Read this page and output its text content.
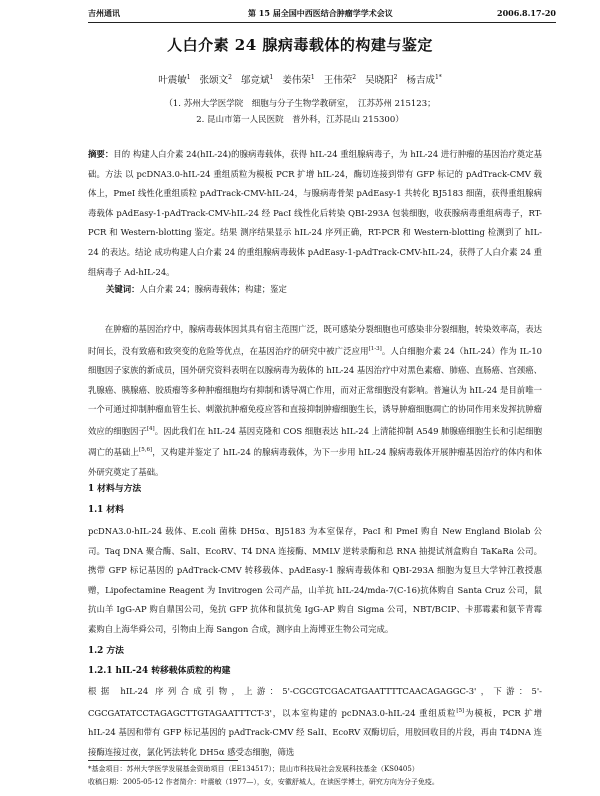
吉州通讯	第 15 届全国中西医结合肿瘤学学术会议	2006.8.17-20
人白介素 24 腺病毒载体的构建与鉴定
叶震敏$^1$ 张颂文$^2$ 邬竞斌$^1$ 姜伟荣$^1$ 王伟荣$^2$ 吴晓阳$^2$ 杨吉成$^{1*}$
（1. 苏州大学医学院　细胞与分子生物学教研室，　江苏苏州 215123；
2. 昆山市第一人民医院　普外科，江苏昆山 215300）

摘要：目的 构建人白介素 24(hIL-24)的腺病毒载体，获得 hIL-24 重组腺病毒子，为 hIL-24 进行肿瘤的基因治疗奠定基础。方法 以 pcDNA3.0-hIL-24 重组质粒为模板 PCR 扩增 hIL-24，酶切连接到带有 GFP 标记的 pAdTrack-CMV 载体上，PmeI 线性化重组质粒 pAdTrack-CMV-hIL-24，与腺病毒骨架 pAdEasy-1 共转化 BJ5183 细菌，获得重组腺病毒载体 pAdEasy-1-pAdTrack-CMV-hIL-24 经 PacI 线性化后转染 QBI-293A 包装细胞，收获腺病毒重组病毒子，RT-PCR 和 Western-blotting 鉴定。结果 测序结果显示 hIL-24 序列正确，RT-PCR 和 Western-blotting 检测到了 hIL-24 的表达。结论 成功构建人白介素 24 的重组腺病毒载体 pAdEasy-1-pAdTrack-CMV-hIL-24，获得了人白介素 24 重组病毒子 Ad-hIL-24。

关键词：人白介素 24；腺病毒载体；构建；鉴定

在肿瘤的基因治疗中，腺病毒载体因其具有宿主范围广泛，既可感染分裂细胞也可感染非分裂细胞，转染效率高，表达时间长，没有致癌和致突变的危险等优点，在基因治疗的研究中被广泛应用[1-3]。人白细胞介素 24（hIL-24）作为 IL-10 细胞因子家族的新成员，国外研究资料表明在以腺病毒为载体的 hIL-24 基因治疗中对黑色素瘤、肺癌、直肠癌、宫颈癌、乳腺癌、胰腺癌、胶质瘤等多种肿瘤细胞均有抑制和诱导凋亡作用，而对正常细胞没有影响。普遍认为 hIL-24 是目前唯一一个可通过抑制肿瘤血管生长、刺激抗肿瘤免疫应答和直接抑制肿瘤细胞生长，诱导肿瘤细胞凋亡的协同作用来发挥抗肿瘤效应的细胞因子[4]。因此我们在 hIL-24 基因克隆和 COS 细胞表达 hIL-24 上清能抑制 A549 肺腺癌细胞生长和引起细胞凋亡的基础上[5,6]，又构建并鉴定了 hIL-24 的腺病毒载体，为下一步用 hIL-24 腺病毒载体开展肿瘤基因治疗的体内和体外研究奠定了基础。

1 材料与方法
1.1 材料

pcDNA3.0-hIL-24 载体、E.coli 菌株 DH5α、BJ5183 为本室保存，PacI 和 PmeI 购自 New England Biolab 公司。Taq DNA 聚合酶、SalI、EcoRV、T4 DNA 连接酶、MMLV 逆转录酶和总 RNA 抽提试剂盒购自 TaKaRa 公司。携带 GFP 标记基因的 pAdTrack-CMV 转移载体、pAdEasy-1 腺病毒载体和 QBI-293A 细胞为复旦大学钟江教授惠赠，Lipofectamine Reagent 为 Invitrogen 公司产品，山羊抗 hIL-24/mda-7(C-16)抗体购自 Santa Cruz 公司，鼠抗山羊 IgG-AP 购自鼎国公司，兔抗 GFP 抗体和鼠抗兔 IgG-AP 购自 Sigma 公司，NBT/BCIP、卡那霉素和氨苄青霉素购自上海华舜公司，引物由上海 Sangon 合成，测序由上海博亚生物公司完成。

1.2 方法
1.2.1 hIL-24 转移载体质粒的构建

根据 hIL-24 序列合成引物，上游：5'-CGCGTCGACATGAATTTTCAACAGAGGC-3'，下游：5'-CGCGATATCCTAGAGCTTGTAGAATTTCT-3'，以本室构建的 pcDNA3.0-hIL-24 重组质粒[5]为模板，PCR 扩增 hIL-24 基因和带有 GFP 标记基因的 pAdTrack-CMV 经 SalI、EcoRV 双酶切后，用胶回收目的片段，再由 T4DNA 连接酶连接过夜，氯化钙法转化 DH5α 感受态细胞，筛选

*基金项目：苏州大学医学发展基金资助项目（EE134517）；昆山市科技局社会发展科技基金（KS0405）
收稿日期：2005-05-12 作者简介：叶震敏（1977—），女，安徽舒城人，在读医学博士，研究方向为分子免疫。
